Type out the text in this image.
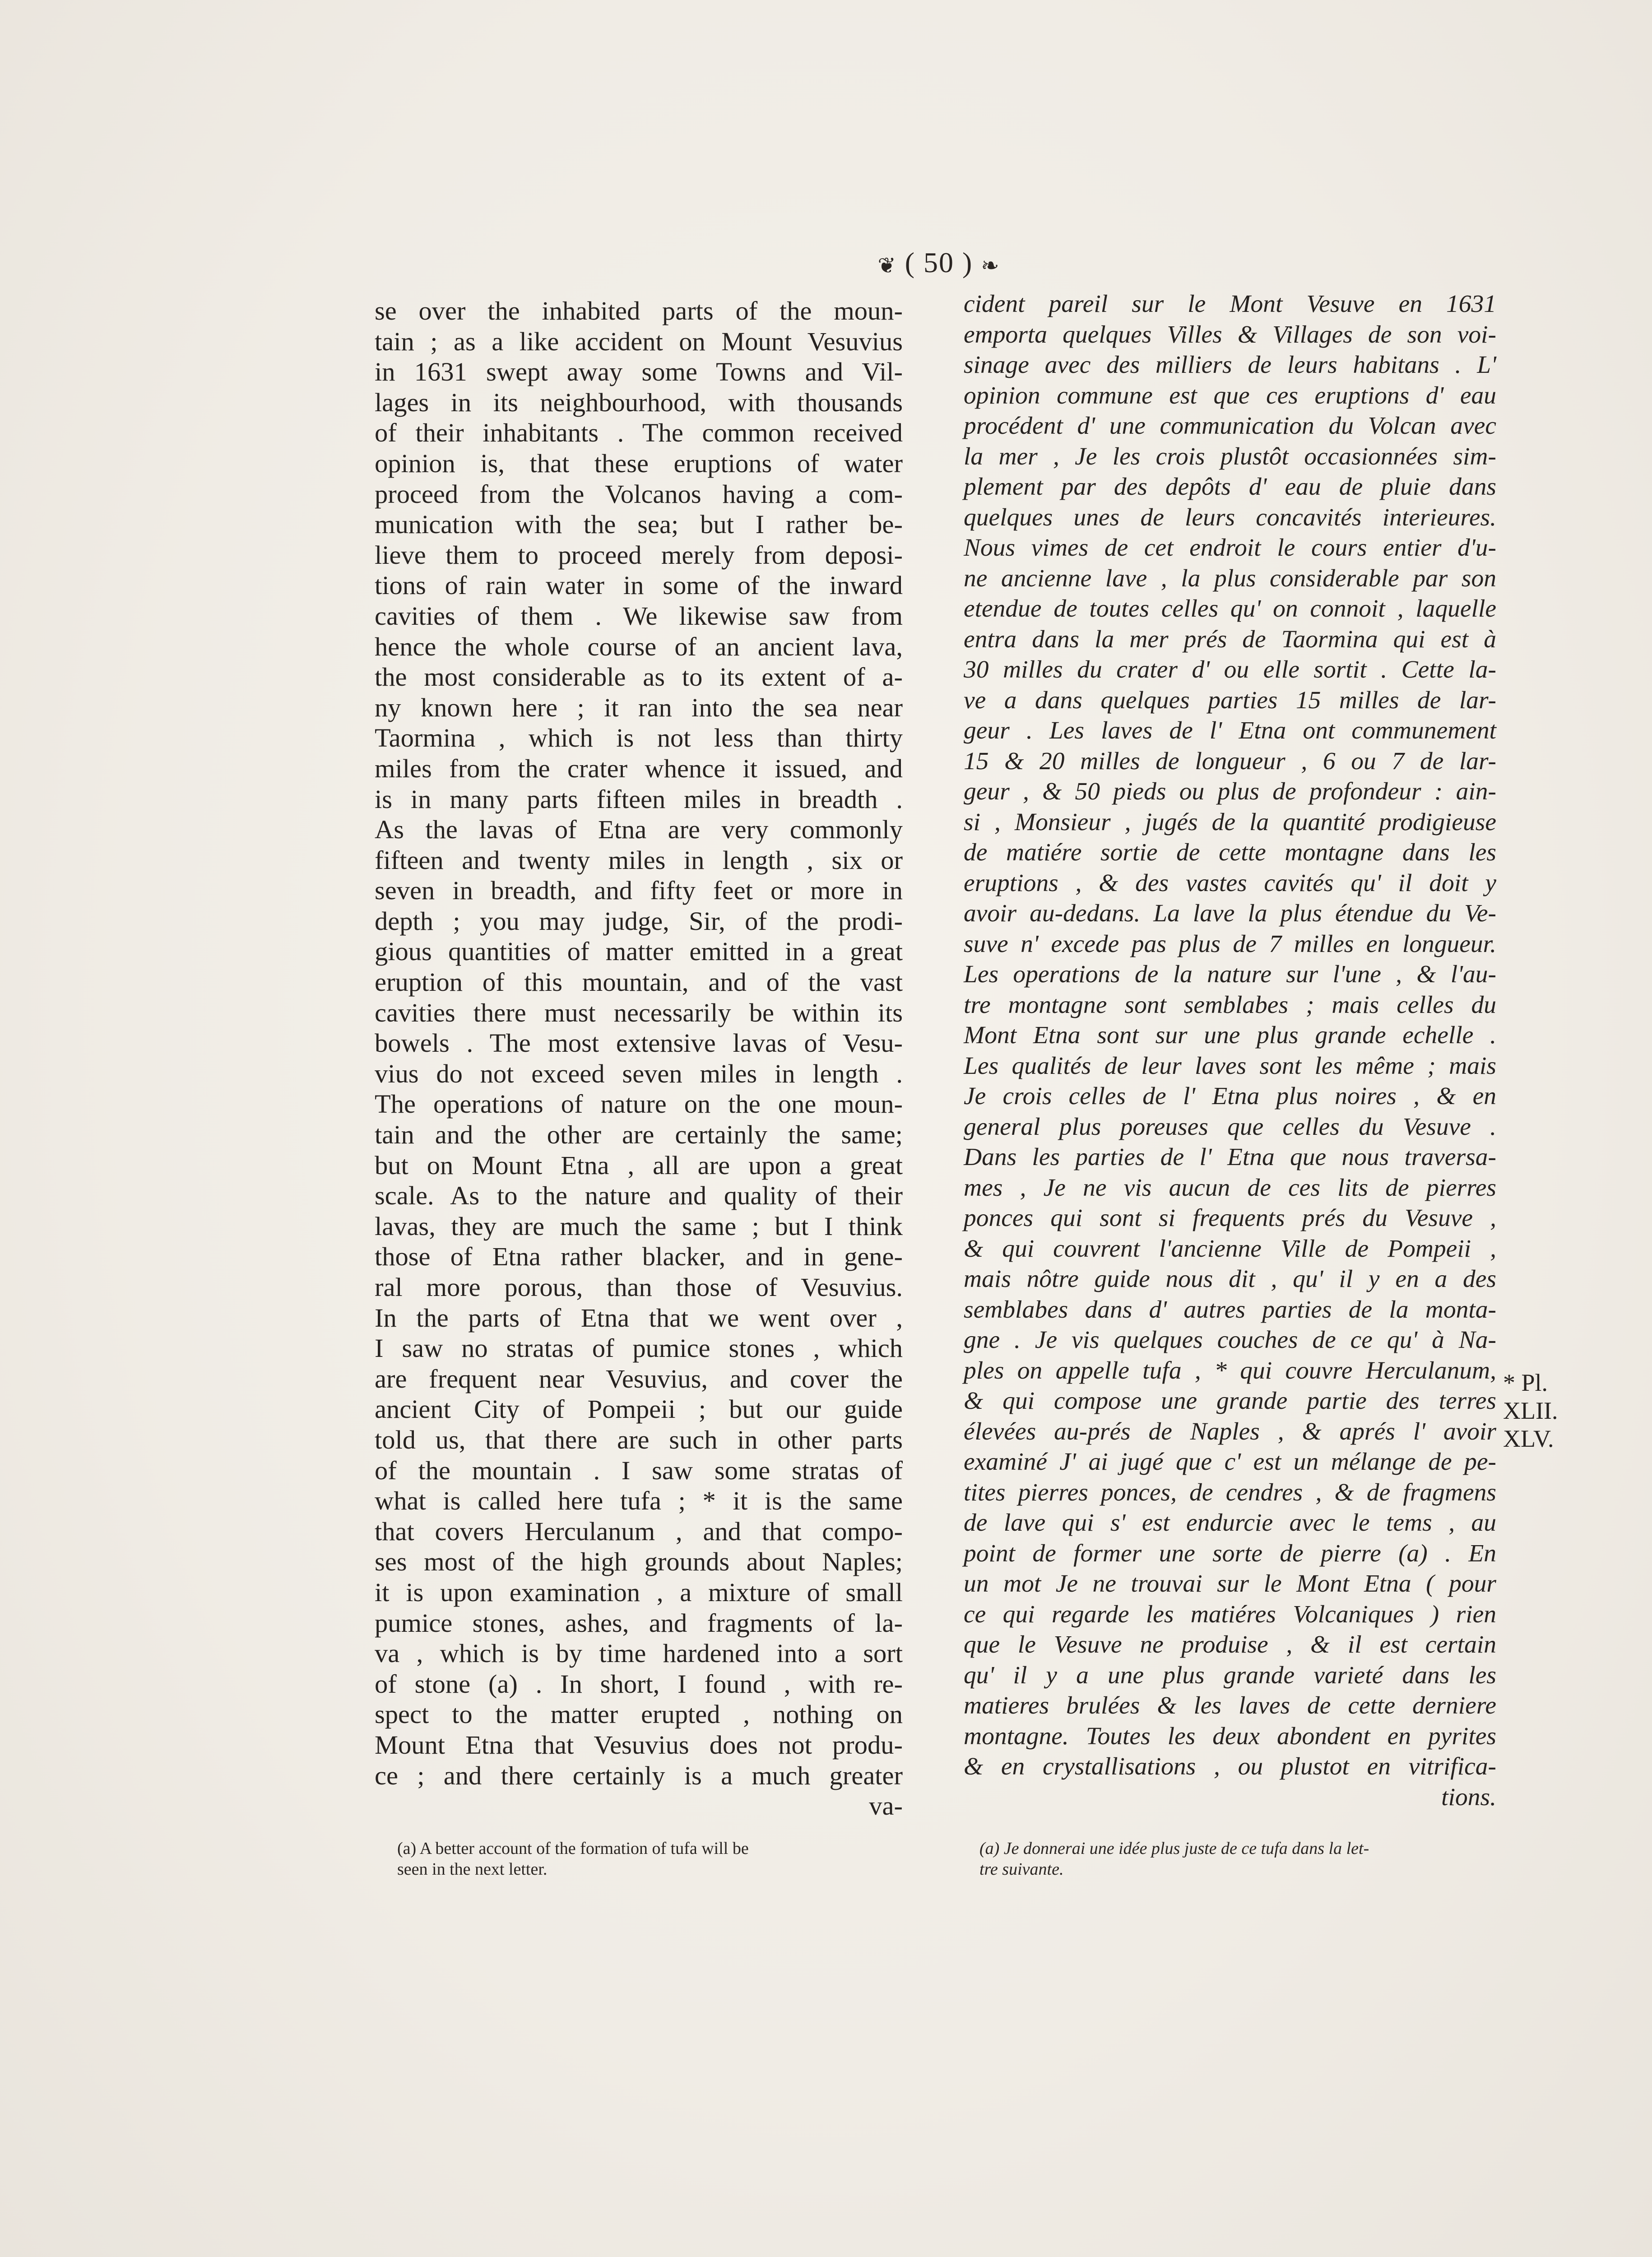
❦ ( 50 ) ❧
se over the inhabited parts of the moun-
tain ; as a like accident on Mount Vesuvius
in 1631 swept away some Towns and Vil-
lages in its neighbourhood, with thousands
of their inhabitants . The common received
opinion is, that these eruptions of water
proceed from the Volcanos having a com-
munication with the sea; but I rather be-
lieve them to proceed merely from deposi-
tions of rain water in some of the inward
cavities of them . We likewise saw from
hence the whole course of an ancient lava,
the most considerable as to its extent of a-
ny known here ; it ran into the sea near
Taormina , which is not less than thirty
miles from the crater whence it issued, and
is in many parts fifteen miles in breadth .
As the lavas of Etna are very commonly
fifteen and twenty miles in length , six or
seven in breadth, and fifty feet or more in
depth ; you may judge, Sir, of the prodi-
gious quantities of matter emitted in a great
eruption of this mountain, and of the vast
cavities there must necessarily be within its
bowels . The most extensive lavas of Vesu-
vius do not exceed seven miles in length .
The operations of nature on the one moun-
tain and the other are certainly the same;
but on Mount Etna , all are upon a great
scale. As to the nature and quality of their
lavas, they are much the same ; but I think
those of Etna rather blacker, and in gene-
ral more porous, than those of Vesuvius.
In the parts of Etna that we went over ,
I saw no stratas of pumice stones , which
are frequent near Vesuvius, and cover the
ancient City of Pompeii ; but our guide
told us, that there are such in other parts
of the mountain . I saw some stratas of
what is called here tufa ; * it is the same
that covers Herculanum , and that compo-
ses most of the high grounds about Naples;
it is upon examination , a mixture of small
pumice stones, ashes, and fragments of la-
va , which is by time hardened into a sort
of stone (a) . In short, I found , with re-
spect to the matter erupted , nothing on
Mount Etna that Vesuvius does not produ-
ce ; and there certainly is a much greater
va-
cident pareil sur le Mont Vesuve en 1631
emporta quelques Villes & Villages de son voi-
sinage avec des milliers de leurs habitans . L'
opinion commune est que ces eruptions d' eau
procédent d' une communication du Volcan avec
la mer , Je les crois plustôt occasionnées sim-
plement par des depôts d' eau de pluie dans
quelques unes de leurs concavités interieures.
Nous vimes de cet endroit le cours entier d'u-
ne ancienne lave , la plus considerable par son
etendue de toutes celles qu' on connoit , laquelle
entra dans la mer prés de Taormina qui est à
30 milles du crater d' ou elle sortit . Cette la-
ve a dans quelques parties 15 milles de lar-
geur . Les laves de l' Etna ont communement
15 & 20 milles de longueur , 6 ou 7 de lar-
geur , & 50 pieds ou plus de profondeur : ain-
si , Monsieur , jugés de la quantité prodigieuse
de matiére sortie de cette montagne dans les
eruptions , & des vastes cavités qu' il doit y
avoir au-dedans. La lave la plus étendue du Ve-
suve n' excede pas plus de 7 milles en longueur.
Les operations de la nature sur l'une , & l'au-
tre montagne sont semblabes ; mais celles du
Mont Etna sont sur une plus grande echelle .
Les qualités de leur laves sont les même ; mais
Je crois celles de l' Etna plus noires , & en
general plus poreuses que celles du Vesuve .
Dans les parties de l' Etna que nous traversa-
mes , Je ne vis aucun de ces lits de pierres
ponces qui sont si frequents prés du Vesuve ,
& qui couvrent l'ancienne Ville de Pompeii ,
mais nôtre guide nous dit , qu' il y en a des
semblabes dans d' autres parties de la monta-
gne . Je vis quelques couches de ce qu' à Na-
ples on appelle tufa , * qui couvre Herculanum,
& qui compose une grande partie des terres
élevées au-prés de Naples , & aprés l' avoir
examiné J' ai jugé que c' est un mélange de pe-
tites pierres ponces, de cendres , & de fragmens
de lave qui s' est endurcie avec le tems , au
point de former une sorte de pierre (a) . En
un mot Je ne trouvai sur le Mont Etna ( pour
ce qui regarde les matiéres Volcaniques ) rien
que le Vesuve ne produise , & il est certain
qu' il y a une plus grande varieté dans les
matieres brulées & les laves de cette derniere
montagne. Toutes les deux abondent en pyrites
& en crystallisations , ou plustot en vitrifica-
tions.
* Pl.
XLII.
XLV.
(a) A better account of the formation of tufa will be
seen in the next letter.
(a) Je donnerai une idée plus juste de ce tufa dans la let-
tre suivante.
